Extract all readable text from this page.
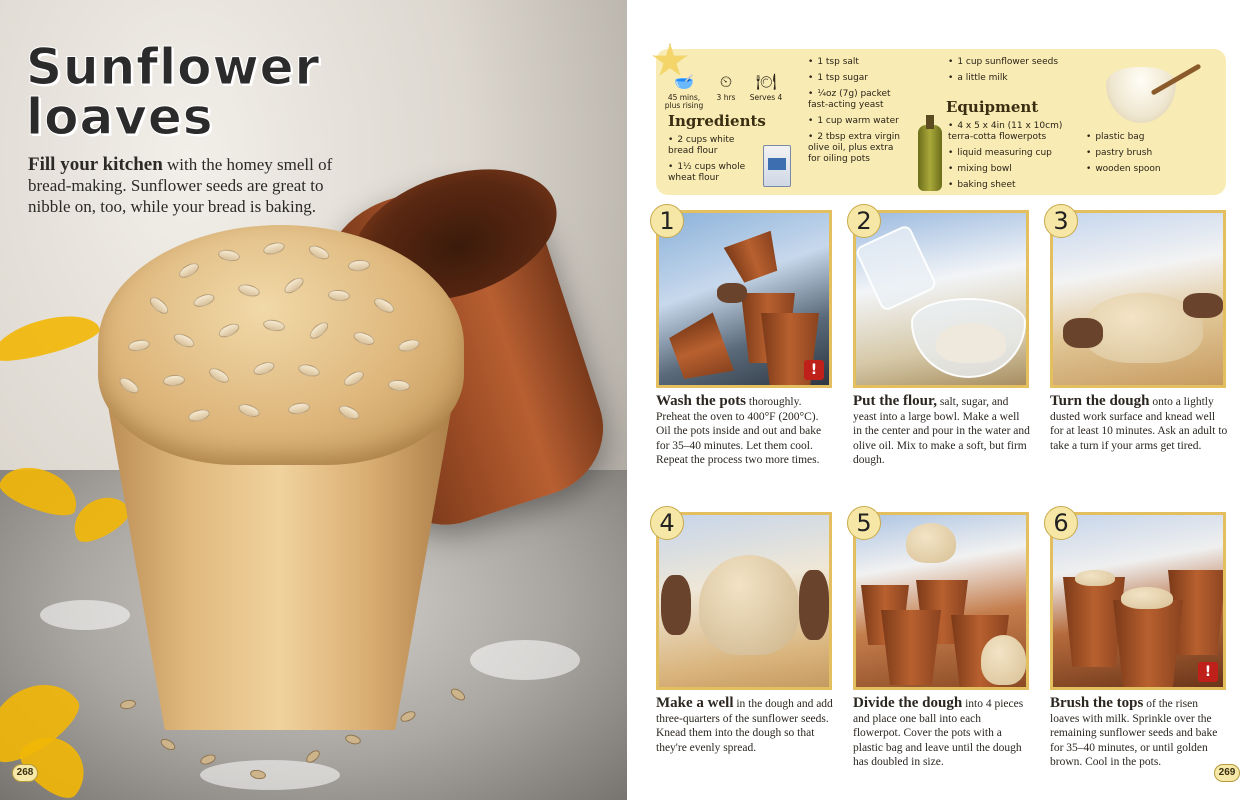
Sunflower
loaves
Fill your kitchen with the homey smell of bread-making. Sunflower seeds are great to nibble on, too, while your bread is baking.
268
🥣
45 mins, plus rising
⏲
3 hrs
🍽
Serves 4
Ingredients
• 2 cups white bread flour
• 1½ cups whole wheat flour
• 1 tsp salt
• 1 tsp sugar
• ¼oz (7g) packet fast-acting yeast
• 1 cup warm water
• 2 tbsp extra virgin olive oil, plus extra for oiling pots
• 1 cup sunflower seeds
• a little milk
Equipment
• 4 x 5 x 4in (11 x 10cm) terra-cotta flowerpots
• liquid measuring cup
• mixing bowl
• baking sheet
• plastic bag
• pastry brush
• wooden spoon
!
1
Wash the pots thoroughly. Preheat the oven to 400°F (200°C). Oil the pots inside and out and bake for 35–40 minutes. Let them cool. Repeat the process two more times.
2
Put the flour, salt, sugar, and yeast into a large bowl. Make a well in the center and pour in the water and olive oil. Mix to make a soft, but firm dough.
3
Turn the dough onto a lightly dusted work surface and knead well for at least 10 minutes. Ask an adult to take a turn if your arms get tired.
4
Make a well in the dough and add three-quarters of the sunflower seeds. Knead them into the dough so that they're evenly spread.
5
Divide the dough into 4 pieces and place one ball into each flowerpot. Cover the pots with a plastic bag and leave until the dough has doubled in size.
!
6
Brush the tops of the risen loaves with milk. Sprinkle over the remaining sunflower seeds and bake for 35–40 minutes, or until golden brown. Cool in the pots.
269
